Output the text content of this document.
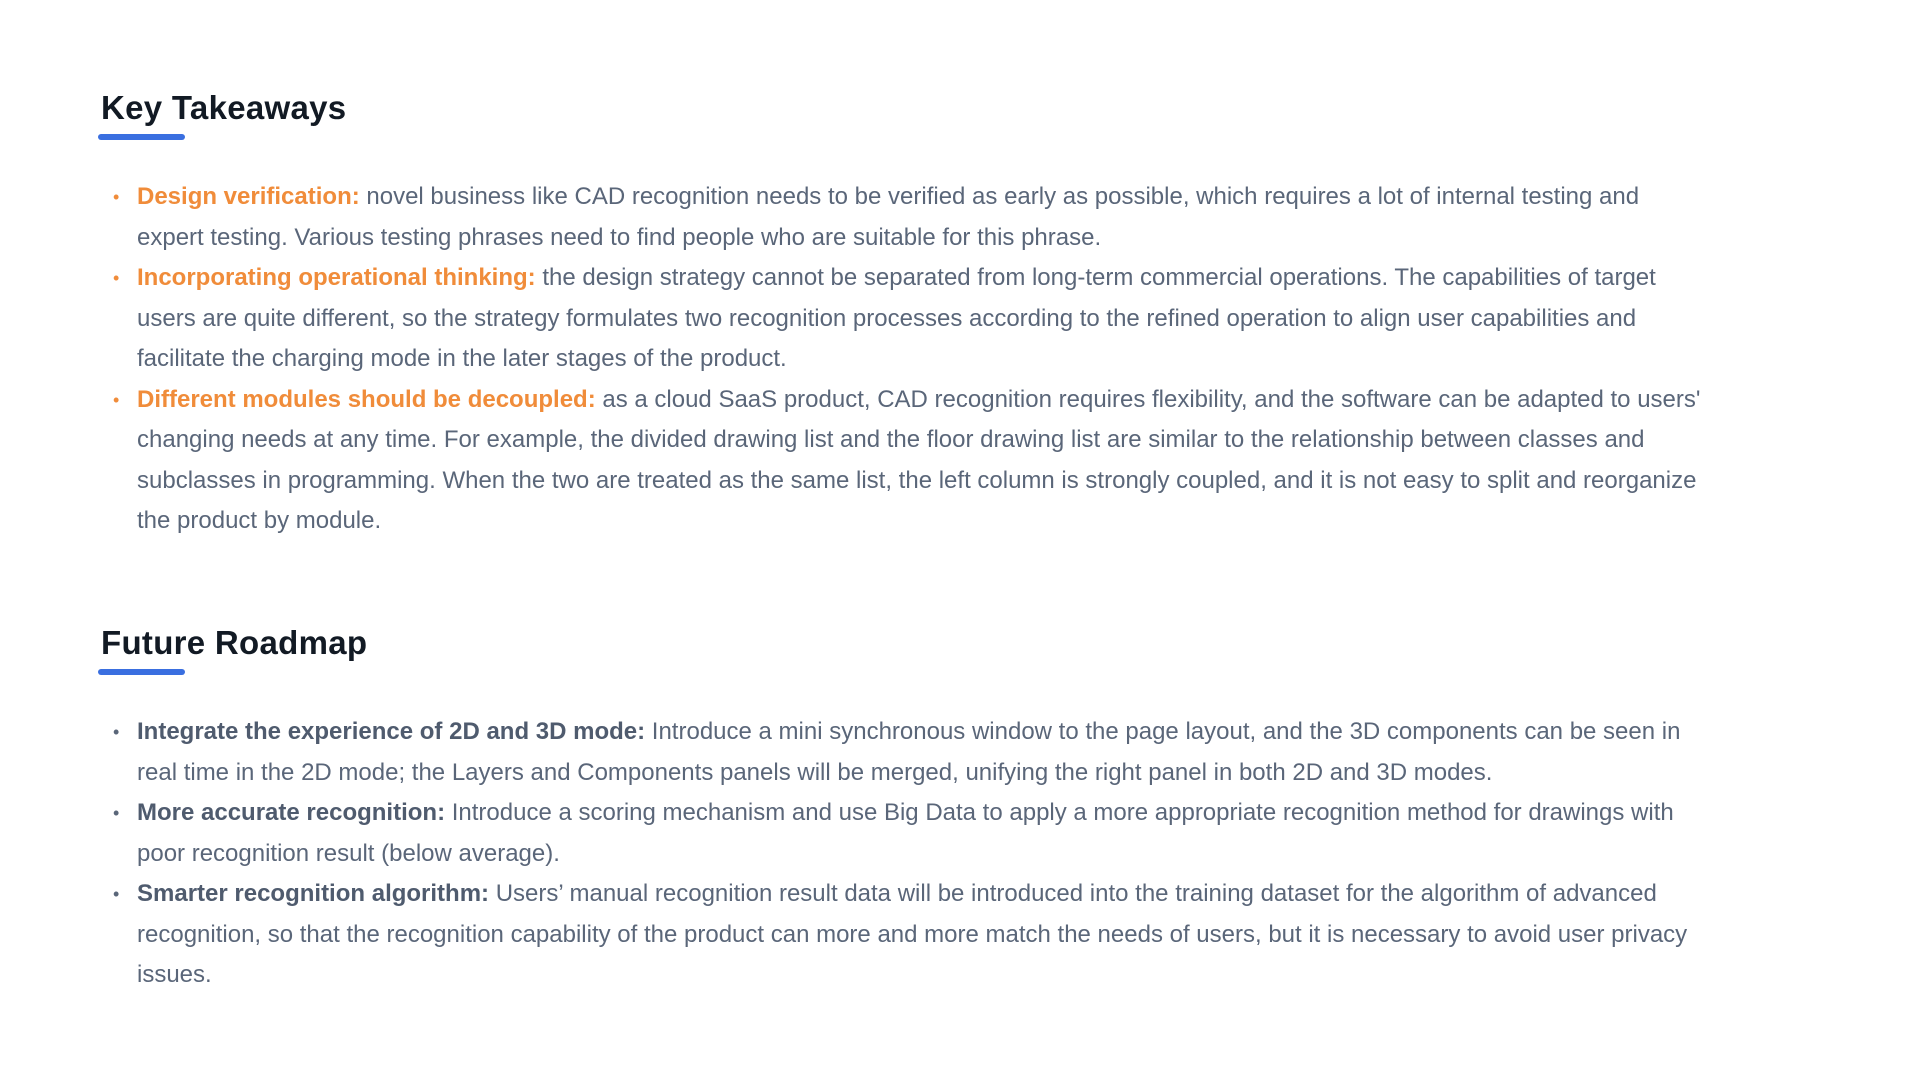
Key Takeaways
• Design verification: novel business like CAD recognition needs to be verified as early as possible, which requires a lot of internal testing and expert testing. Various testing phrases need to find people who are suitable for this phrase.
• Incorporating operational thinking: the design strategy cannot be separated from long-term commercial operations. The capabilities of target users are quite different, so the strategy formulates two recognition processes according to the refined operation to align user capabilities and facilitate the charging mode in the later stages of the product.
• Different modules should be decoupled: as a cloud SaaS product, CAD recognition requires flexibility, and the software can be adapted to users' changing needs at any time. For example, the divided drawing list and the floor drawing list are similar to the relationship between classes and subclasses in programming. When the two are treated as the same list, the left column is strongly coupled, and it is not easy to split and reorganize the product by module.
Future Roadmap
• Integrate the experience of 2D and 3D mode: Introduce a mini synchronous window to the page layout, and the 3D components can be seen in real time in the 2D mode; the Layers and Components panels will be merged, unifying the right panel in both 2D and 3D modes.
• More accurate recognition: Introduce a scoring mechanism and use Big Data to apply a more appropriate recognition method for drawings with poor recognition result (below average).
• Smarter recognition algorithm: Users’ manual recognition result data will be introduced into the training dataset for the algorithm of advanced recognition, so that the recognition capability of the product can more and more match the needs of users, but it is necessary to avoid user privacy issues.
